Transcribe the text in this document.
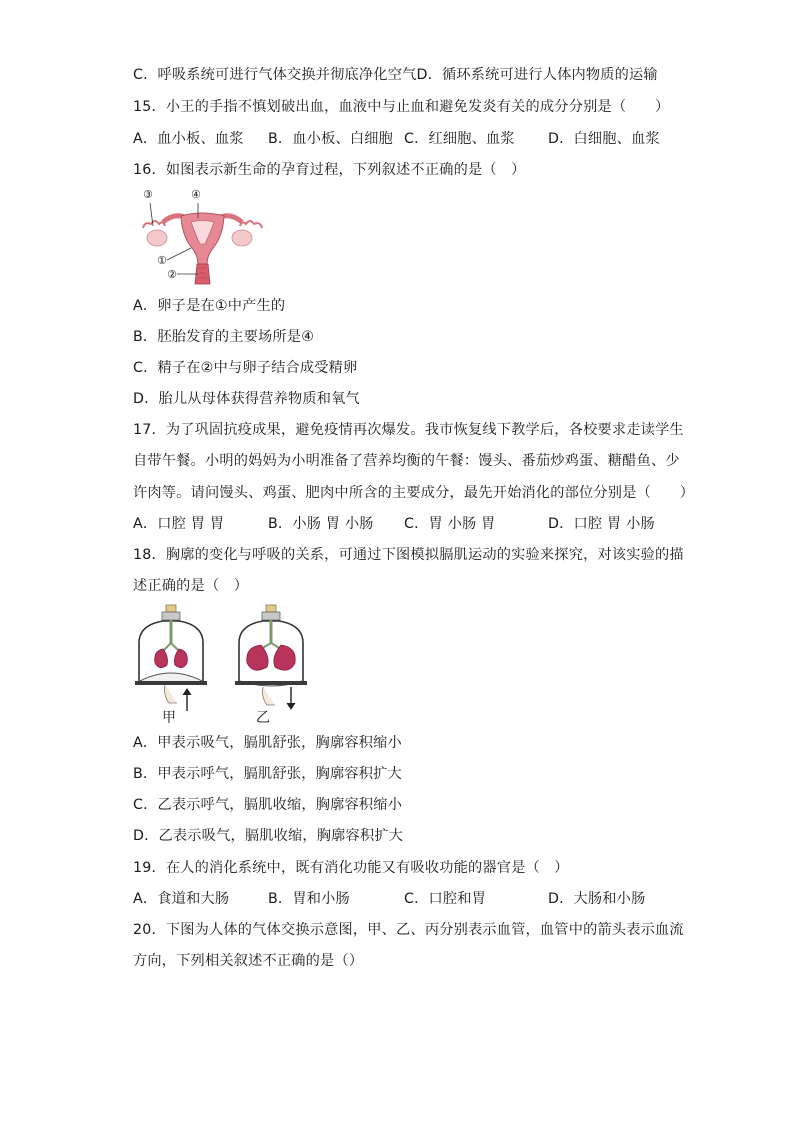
C．呼吸系统可进行气体交换并彻底净化空气D．循环系统可进行人体内物质的运输
15．小王的手指不慎划破出血，血液中与止血和避免发炎有关的成分分别是（　　）
A．血小板、血浆 B．血小板、白细胞 C．红细胞、血浆 D．白细胞、血浆
16．如图表示新生命的孕育过程，下列叙述不正确的是（　）
③	④
①
②
A．卵子是在①中产生的
B．胚胎发育的主要场所是④
C．精子在②中与卵子结合成受精卵
D．胎儿从母体获得营养物质和氧气
17．为了巩固抗疫成果，避免疫情再次爆发。我市恢复线下教学后，各校要求走读学生
自带午餐。小明的妈妈为小明准备了营养均衡的午餐：馒头、番茄炒鸡蛋、糖醋鱼、少
许肉等。请问馒头、鸡蛋、肥肉中所含的主要成分，最先开始消化的部位分别是（　　）
A．口腔 胃 胃	B．小肠 胃 小肠 C．胃 小肠 胃	D．口腔 胃 小肠
18．胸廓的变化与呼吸的关系，可通过下图模拟膈肌运动的实验来探究，对该实验的描
述正确的是（　）
甲	乙
A．甲表示吸气，膈肌舒张，胸廓容积缩小
B．甲表示呼气，膈肌舒张，胸廓容积扩大
C．乙表示呼气，膈肌收缩，胸廓容积缩小
D．乙表示吸气，膈肌收缩，胸廓容积扩大
19．在人的消化系统中，既有消化功能又有吸收功能的器官是（　）
A．食道和大肠	B．胃和小肠	C．口腔和胃	D．大肠和小肠
20．下图为人体的气体交换示意图，甲、乙、丙分别表示血管，血管中的箭头表示血流
方向，下列相关叙述不正确的是（）
